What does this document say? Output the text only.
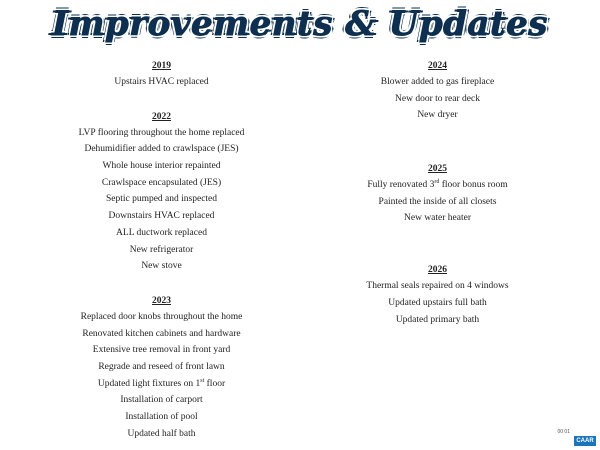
Improvements & Updates
2019
Upstairs HVAC replaced
2022
LVP flooring throughout the home replaced
Dehumidifier added to crawlspace (JES)
Whole house interior repainted
Crawlspace encapsulated (JES)
Septic pumped and inspected
Downstairs HVAC replaced
ALL ductwork replaced
New refrigerator
New stove
2023
Replaced door knobs throughout the home
Renovated kitchen cabinets and hardware
Extensive tree removal in front yard
Regrade and reseed of front lawn
Updated light fixtures on 1st floor
Installation of carport
Installation of pool
Updated half bath
2024
Blower added to gas fireplace
New door to rear deck
New dryer
2025
Fully renovated 3rd floor bonus room
Painted the inside of all closets
New water heater
2026
Thermal seals repaired on 4 windows
Updated upstairs full bath
Updated primary bath
00 01
CAAR
